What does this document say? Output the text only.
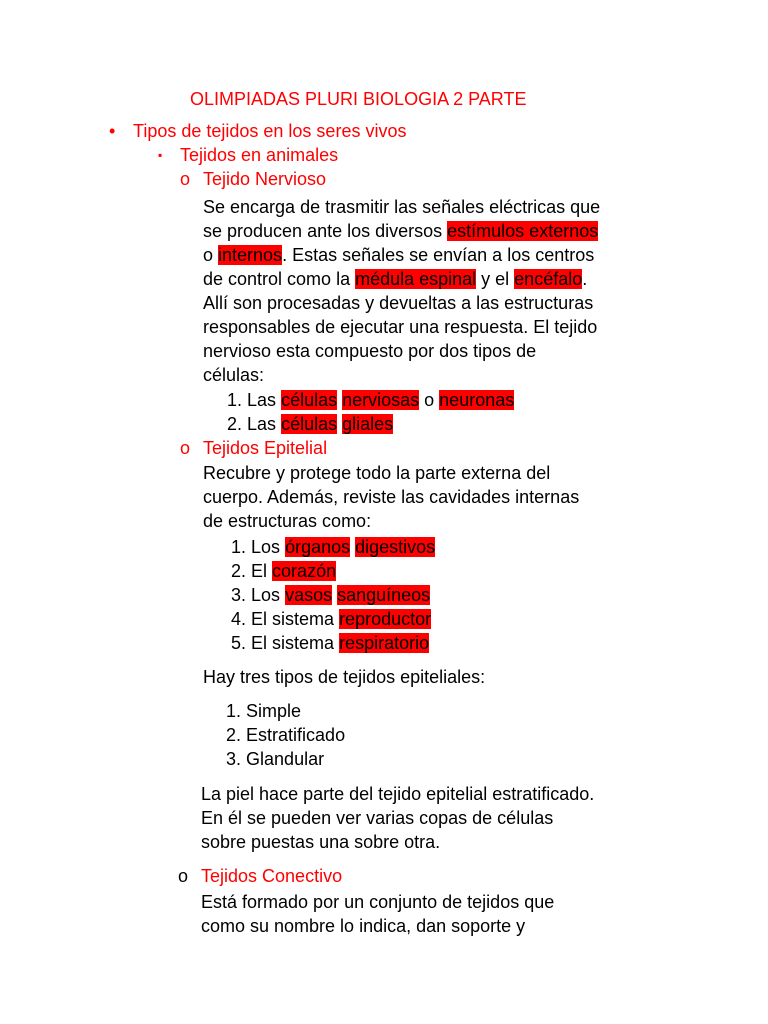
OLIMPIADAS PLURI BIOLOGIA 2 PARTE
• Tipos de tejidos en los seres vivos
▪ Tejidos en animales
o Tejido Nervioso
Se encarga de trasmitir las señales eléctricas que
se producen ante los diversos estímulos externos
o internos. Estas señales se envían a los centros
de control como la médula espinal y el encéfalo.
Allí son procesadas y devueltas a las estructuras
responsables de ejecutar una respuesta. El tejido
nervioso esta compuesto por dos tipos de
células:
1. Las células nerviosas o neuronas
2. Las células gliales
o Tejidos Epitelial
Recubre y protege todo la parte externa del
cuerpo. Además, reviste las cavidades internas
de estructuras como:
1. Los órganos digestivos
2. El corazón
3. Los vasos sanguíneos
4. El sistema reproductor
5. El sistema respiratorio
Hay tres tipos de tejidos epiteliales:
1. Simple
2. Estratificado
3. Glandular
La piel hace parte del tejido epitelial estratificado.
En él se pueden ver varias copas de células
sobre puestas una sobre otra.
o Tejidos Conectivo
Está formado por un conjunto de tejidos que
como su nombre lo indica, dan soporte y
